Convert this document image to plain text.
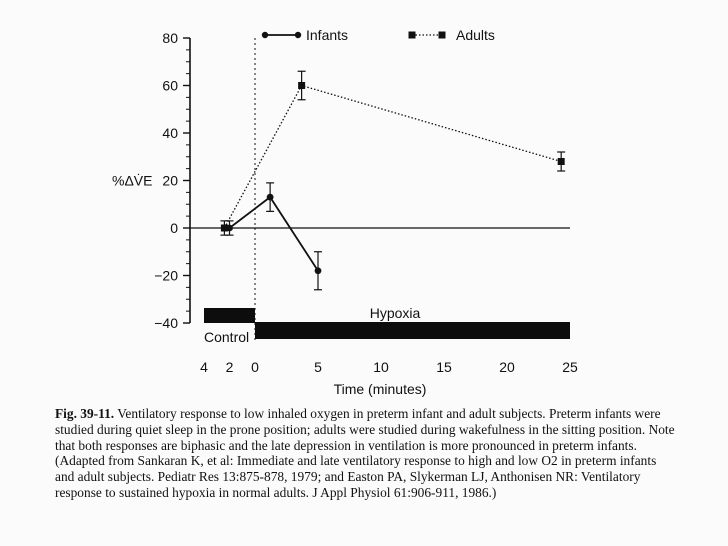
80
60
40
20
0
−20
−40
%ΔV̇E
4 2 0	5	10	15	20	25
Time (minutes)
Control
Hypoxia
Infants	Adults
Fig. 39-11. Ventilatory response to low inhaled oxygen in preterm infant and adult subjects. Preterm infants were studied during quiet sleep in the prone position; adults were studied during wakefulness in the sitting position. Note that both responses are biphasic and the late depression in ventilation is more pronounced in preterm infants. (Adapted from Sankaran K, et al: Immediate and late ventilatory response to high and low O2 in preterm infants and adult subjects. Pediatr Res 13:875-878, 1979; and Easton PA, Slykerman LJ, Anthonisen NR: Ventilatory response to sustained hypoxia in normal adults. J Appl Physiol 61:906-911, 1986.)
